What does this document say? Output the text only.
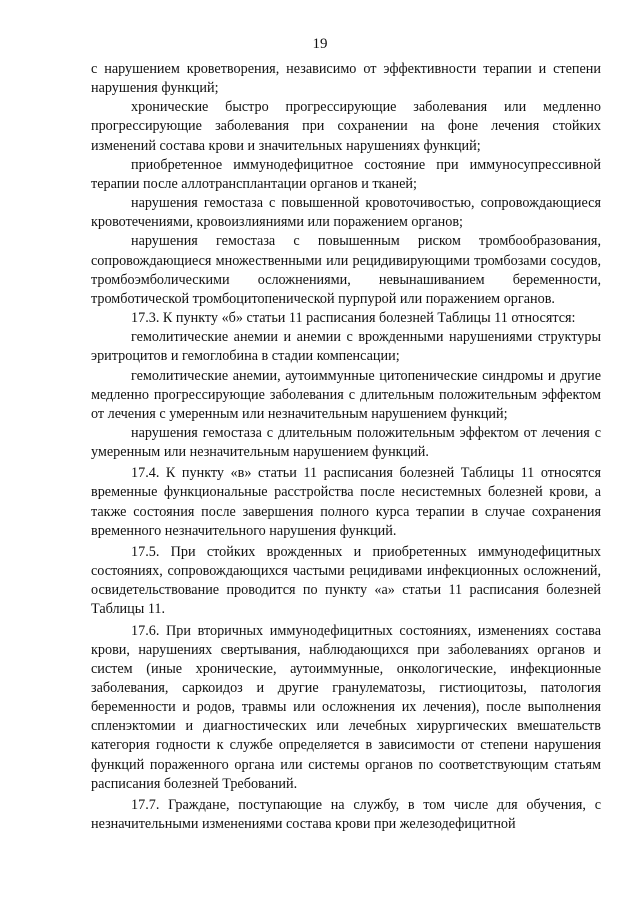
19

с нарушением кроветворения, независимо от эффективности терапии и степени нарушения функций;

хронические быстро прогрессирующие заболевания или медленно прогрессирующие заболевания при сохранении на фоне лечения стойких изменений состава крови и значительных нарушениях функций;

приобретенное иммунодефицитное состояние при иммуносупрессивной терапии после аллотрансплантации органов и тканей;

нарушения гемостаза с повышенной кровоточивостью, сопровождающиеся кровотечениями, кровоизлияниями или поражением органов;

нарушения гемостаза с повышенным риском тромбообразования, сопровождающиеся множественными или рецидивирующими тромбозами сосудов, тромбоэмболическими осложнениями, невынашиванием беременности, тромботической тромбоцитопенической пурпурой или поражением органов.

17.3. К пункту «б» статьи 11 расписания болезней Таблицы 11 относятся:

гемолитические анемии и анемии с врожденными нарушениями структуры эритроцитов и гемоглобина в стадии компенсации;

гемолитические анемии, аутоиммунные цитопенические синдромы и другие медленно прогрессирующие заболевания с длительным положительным эффектом от лечения с умеренным или незначительным нарушением функций;

нарушения гемостаза с длительным положительным эффектом от лечения с умеренным или незначительным нарушением функций.

17.4. К пункту «в» статьи 11 расписания болезней Таблицы 11 относятся временные функциональные расстройства после несистемных болезней крови, а также состояния после завершения полного курса терапии в случае сохранения временного незначительного нарушения функций.

17.5. При стойких врожденных и приобретенных иммунодефицитных состояниях, сопровождающихся частыми рецидивами инфекционных осложнений, освидетельствование проводится по пункту «а» статьи 11 расписания болезней Таблицы 11.

17.6. При вторичных иммунодефицитных состояниях, изменениях состава крови, нарушениях свертывания, наблюдающихся при заболеваниях органов и систем (иные хронические, аутоиммунные, онкологические, инфекционные заболевания, саркоидоз и другие гранулематозы, гистиоцитозы, патология беременности и родов, травмы или осложнения их лечения), после выполнения спленэктомии и диагностических или лечебных хирургических вмешательств категория годности к службе определяется в зависимости от степени нарушения функций пораженного органа или системы органов по соответствующим статьям расписания болезней Требований.

17.7. Граждане, поступающие на службу, в том числе для обучения, с незначительными изменениями состава крови при железодефицитной
